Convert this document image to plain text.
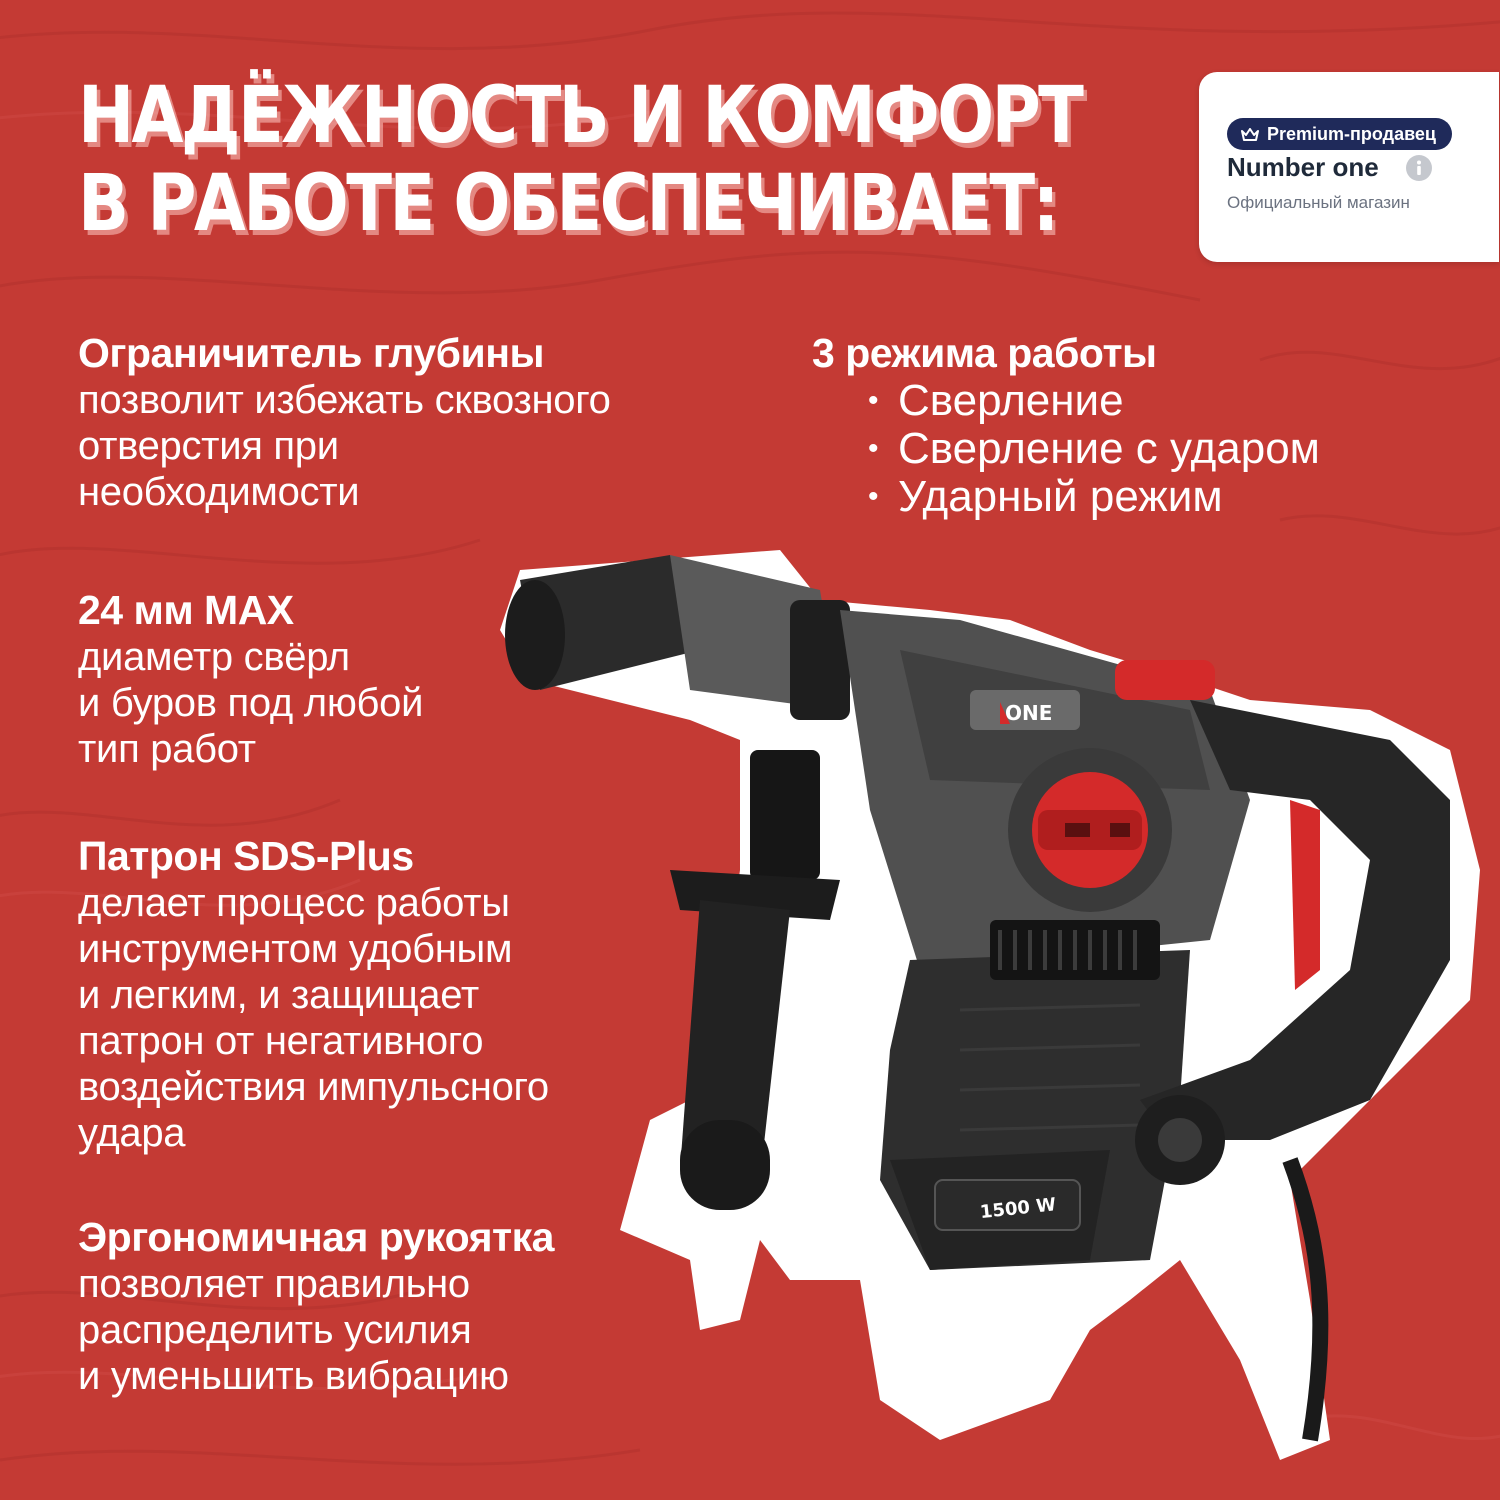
НАДЁЖНОСТЬ И КОМФОРТ
В РАБОТЕ ОБЕСПЕЧИВАЕТ:
Premium-продавец
Number one
Официальный магазин

Ограничитель глубины

позволит избежать сквозного

отверстия при

необходимости

24 мм MAX

диаметр свёрл

и буров под любой

тип работ

Патрон SDS-Plus

делает процесс работы

инструментом удобным

и легким, и защищает

патрон от негативного

воздействия импульсного

удара

Эргономичная рукоятка

позволяет правильно

распределить усилия

и уменьшить вибрацию

3 режима работы

• Сверление
• Сверление с ударом
• Ударный режим
ONE
1500 W
